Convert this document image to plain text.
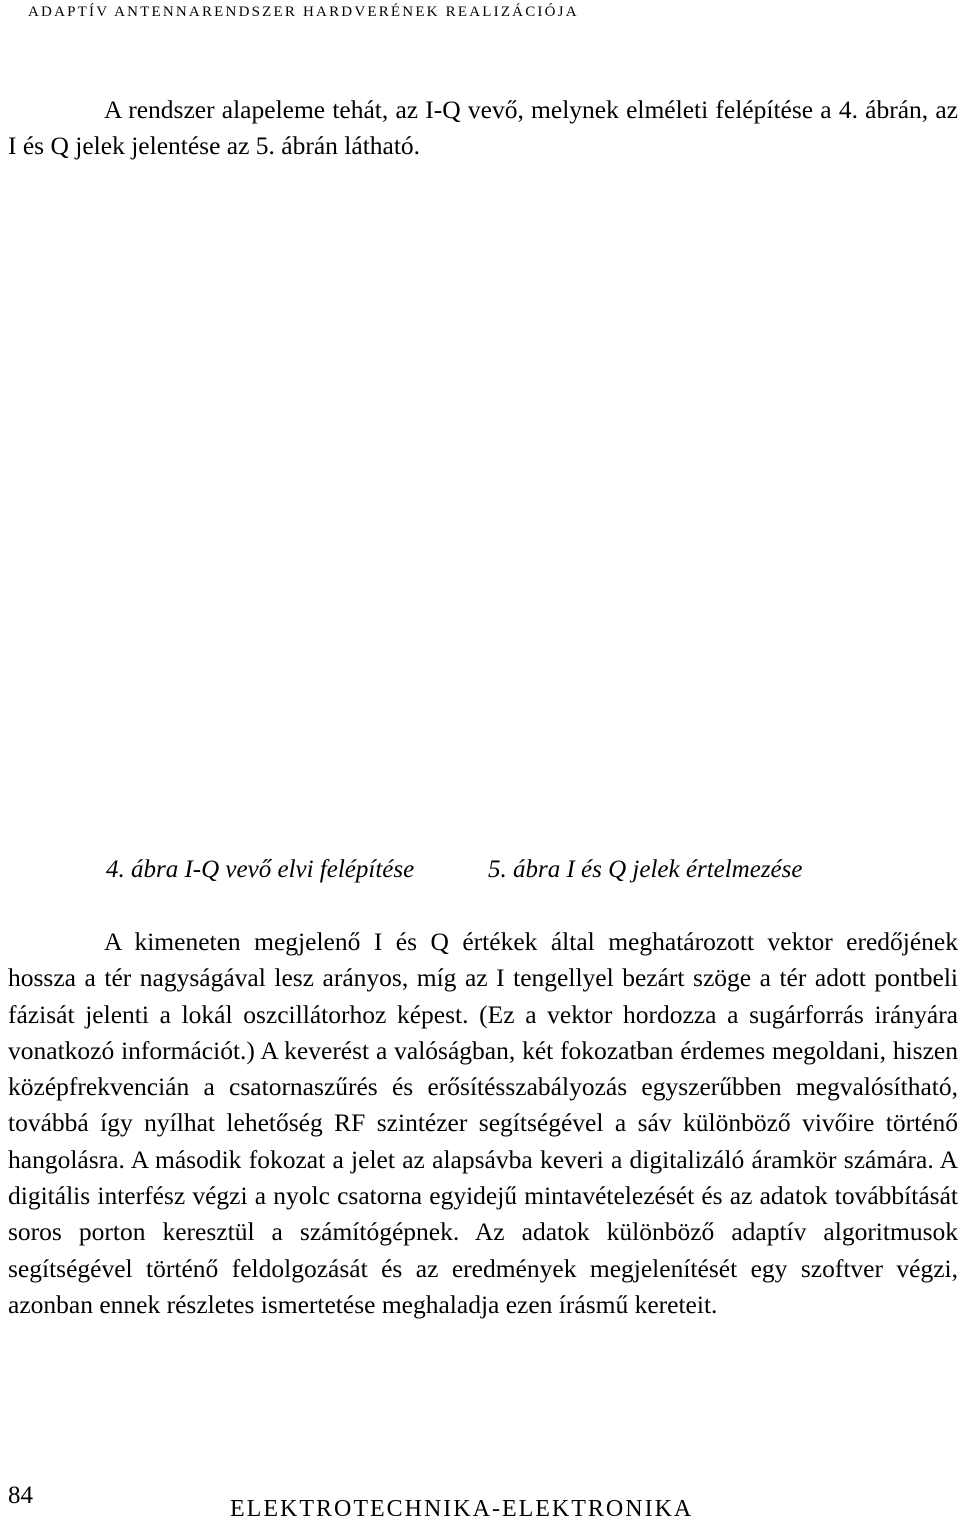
ADAPTÍV ANTENNARENDSZER HARDVERÉNEK REALIZÁCIÓJA

A rendszer alapeleme tehát, az I-Q vevő, melynek elméleti felépítése a 4. ábrán, az I és Q jelek jelentése az 5. ábrán látható.

4. ábra I-Q vevő elvi felépítése	5. ábra I és Q jelek értelmezése

A kimeneten megjelenő I és Q értékek által meghatározott vektor eredőjének hossza a tér nagyságával lesz arányos, míg az I tengellyel bezárt szöge a tér adott pontbeli fázisát jelenti a lokál oszcillátorhoz képest. (Ez a vektor hordozza a sugárforrás irányára vonatkozó információt.) A keverést a valóságban, két fokozatban érdemes megoldani, hiszen középfrekvencián a csatornaszűrés és erősítésszabályozás egyszerűbben megvalósítható, továbbá így nyílhat lehetőség RF szintézer segítségével a sáv különböző vivőire történő hangolásra. A második fokozat a jelet az alapsávba keveri a digitalizáló áramkör számára. A digitális interfész végzi a nyolc csatorna egyidejű mintavételezését és az adatok továbbítását soros porton keresztül a számítógépnek. Az adatok különböző adaptív algoritmusok segítségével történő feldolgozását és az eredmények megjelenítését egy szoftver végzi, azonban ennek részletes ismertetése meghaladja ezen írásmű kereteit.

84	ELEKTROTECHNIKA-ELEKTRONIKA
